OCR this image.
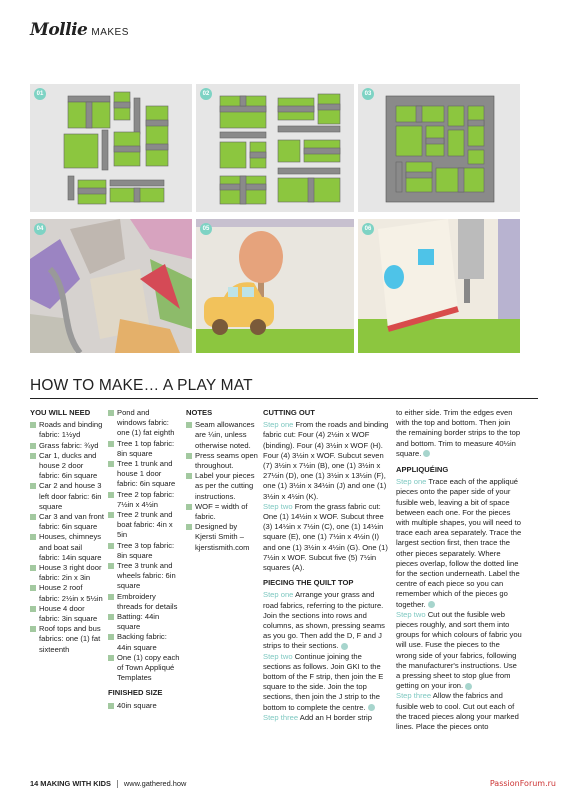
Mollie MAKES
01	02	03
04	05	06
HOW TO MAKE… A PLAY MAT
YOU WILL NEED
Roads and binding fabric: 1½yd
Grass fabric: ¾yd
Car 1, ducks and house 2 door fabric: 6in square
Car 2 and house 3 left door fabric: 6in square
Car 3 and van front fabric: 6in square
Houses, chimneys and boat sail fabric: 14in square
House 3 right door fabric: 2in x 3in
House 2 roof fabric: 2½in x 5½in
House 4 door fabric: 3in square
Roof tops and bus fabrics: one (1) fat sixteenth
Pond and windows fabric: one (1) fat eighth
Tree 1 top fabric: 8in square
Tree 1 trunk and house 1 door fabric: 6in square
Tree 2 top fabric: 7½in x 4½in
Tree 2 trunk and boat fabric: 4in x 5in
Tree 3 top fabric: 8in square
Tree 3 trunk and wheels fabric: 6in square
Embroidery threads for details
Batting: 44in square
Backing fabric: 44in square
One (1) copy each of Town Appliqué Templates
FINISHED SIZE
40in square
NOTES
Seam allowances are ¼in, unless otherwise noted.
Press seams open throughout.
Label your pieces as per the cutting instructions.
WOF = width of fabric.
Designed by Kjersti Smith – kjerstismith.com
CUTTING OUT

Step one From the roads and binding fabric cut: Four (4) 2½in x WOF (binding). Four (4) 3½in x WOF (H). Four (4) 3½in x WOF. Subcut seven (7) 3½in x 7½in (B), one (1) 3½in x 27½in (D), one (1) 3½in x 13½in (F), one (1) 3½in x 34½in (J) and one (1) 3½in x 4½in (K).

Step two From the grass fabric cut: One (1) 14½in x WOF. Subcut three (3) 14½in x 7½in (C), one (1) 14½in square (E), one (1) 7½in x 4½in (I) and one (1) 3½in x 4½in (G). One (1) 7½in x WOF. Subcut five (5) 7½in squares (A).

PIECING THE QUILT TOP

Step one Arrange your grass and road fabrics, referring to the picture. Join the sections into rows and columns, as shown, pressing seams as you go. Then add the D, F and J strips to their sections.

Step two Continue joining the sections as follows. Join GKI to the bottom of the F strip, then join the E square to the side. Join the top sections, then join the J strip to the bottom to complete the centre.

Step three Add an H border strip

to either side. Trim the edges even with the top and bottom. Then join the remaining border strips to the top and bottom. Trim to measure 40½in square.

APPLIQUÉING

Step one Trace each of the appliqué pieces onto the paper side of your fusible web, leaving a bit of space between each one. For the pieces with multiple shapes, you will need to trace each area separately. Trace the largest section first, then trace the other pieces separately. Where pieces overlap, follow the dotted line for the section underneath. Label the centre of each piece so you can remember which of the pieces go together.

Step two Cut out the fusible web pieces roughly, and sort them into groups for which colours of fabric you will use. Fuse the pieces to the wrong side of your fabrics, following the manufacturer's instructions. Use a pressing sheet to stop glue from getting on your iron.

Step three Allow the fabrics and fusible web to cool. Cut out each of the traced pieces along your marked lines. Place the pieces onto

14 MAKING WITH KIDS www.gathered.how	PassionForum.ru
